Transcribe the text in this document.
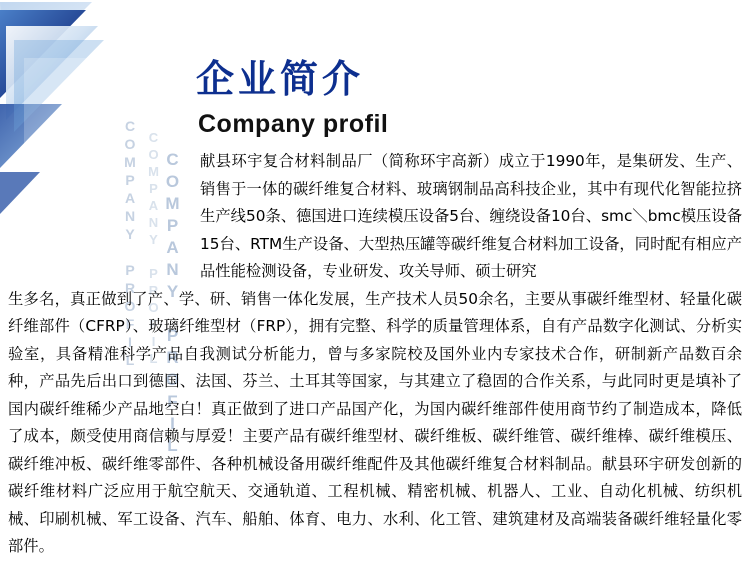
COMPANY PROFIL COMPANY PROFIL COMPANY PROFIL
企业简介
Company profil

献县环宇复合材料制品厂（简称环宇高新）成立于1990年，是集研发、生产、销售于一体的碳纤维复合材料、玻璃钢制品高科技企业，其中有现代化智能拉挤生产线50条、德国进口连续模压设备5台、缠绕设备10台、smc＼bmc模压设备15台、RTM生产设备、大型热压罐等碳纤维复合材料加工设备，同时配有相应产品性能检测设备，专业研发、攻关导师、硕士研究

生多名，真正做到了产、学、研、销售一体化发展，生产技术人员50余名，主要从事碳纤维型材、轻量化碳纤维部件（CFRP）、玻璃纤维型材（FRP），拥有完整、科学的质量管理体系，自有产品数字化测试、分析实验室，具备精准科学产品自我测试分析能力，曾与多家院校及国外业内专家技术合作，研制新产品数百余种，产品先后出口到德国、法国、芬兰、土耳其等国家，与其建立了稳固的合作关系，与此同时更是填补了国内碳纤维稀少产品地空白！真正做到了进口产品国产化，为国内碳纤维部件使用商节约了制造成本，降低了成本，颇受使用商信赖与厚爱！主要产品有碳纤维型材、碳纤维板、碳纤维管、碳纤维棒、碳纤维模压、碳纤维冲板、碳纤维零部件、各种机械设备用碳纤维配件及其他碳纤维复合材料制品。献县环宇研发创新的碳纤维材料广泛应用于航空航天、交通轨道、工程机械、精密机械、机器人、工业、自动化机械、纺织机械、印刷机械、军工设备、汽车、船舶、体育、电力、水利、化工管、建筑建材及高端装备碳纤维轻量化零部件。
